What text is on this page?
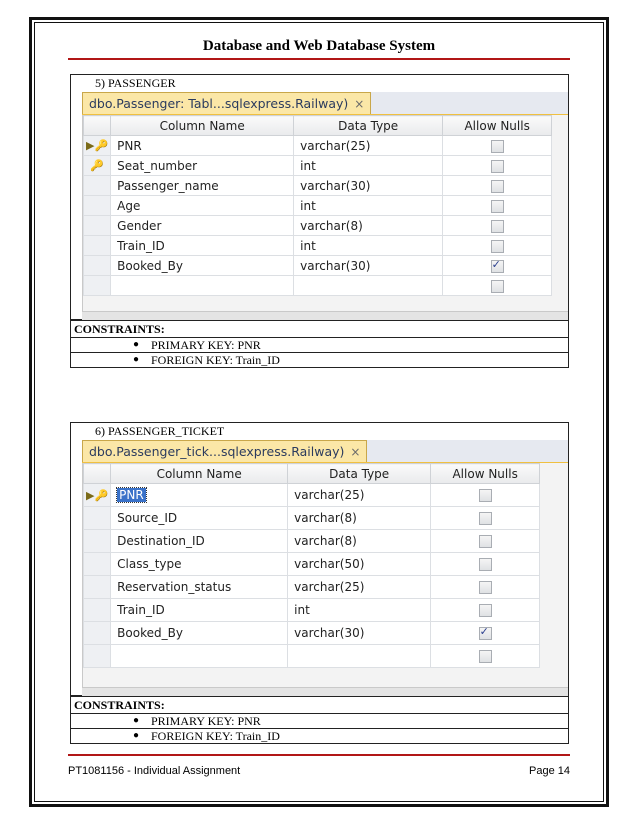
Database and Web Database System
5) PASSENGER
dbo.Passenger: Tabl...sqlexpress.Railway) ×
	Column Name	Data Type	Allow Nulls
▶🔑	PNR	varchar(25)	
🔑	Seat_number	int	
	Passenger_name	varchar(30)	
	Age	int	
	Gender	varchar(8)	
	Train_ID	int	
	Booked_By	varchar(30)	✓

CONSTRAINTS:
● PRIMARY KEY: PNR
● FOREIGN KEY: Train_ID
6) PASSENGER_TICKET
dbo.Passenger_tick...sqlexpress.Railway) ×
	Column Name	Data Type	Allow Nulls
▶🔑	PNR	varchar(25)	
	Source_ID	varchar(8)	
	Destination_ID	varchar(8)	
	Class_type	varchar(50)	
	Reservation_status	varchar(25)	
	Train_ID	int	
	Booked_By	varchar(30)	✓

CONSTRAINTS:
● PRIMARY KEY: PNR
● FOREIGN KEY: Train_ID
PT1081156 - Individual Assignment	Page 14
